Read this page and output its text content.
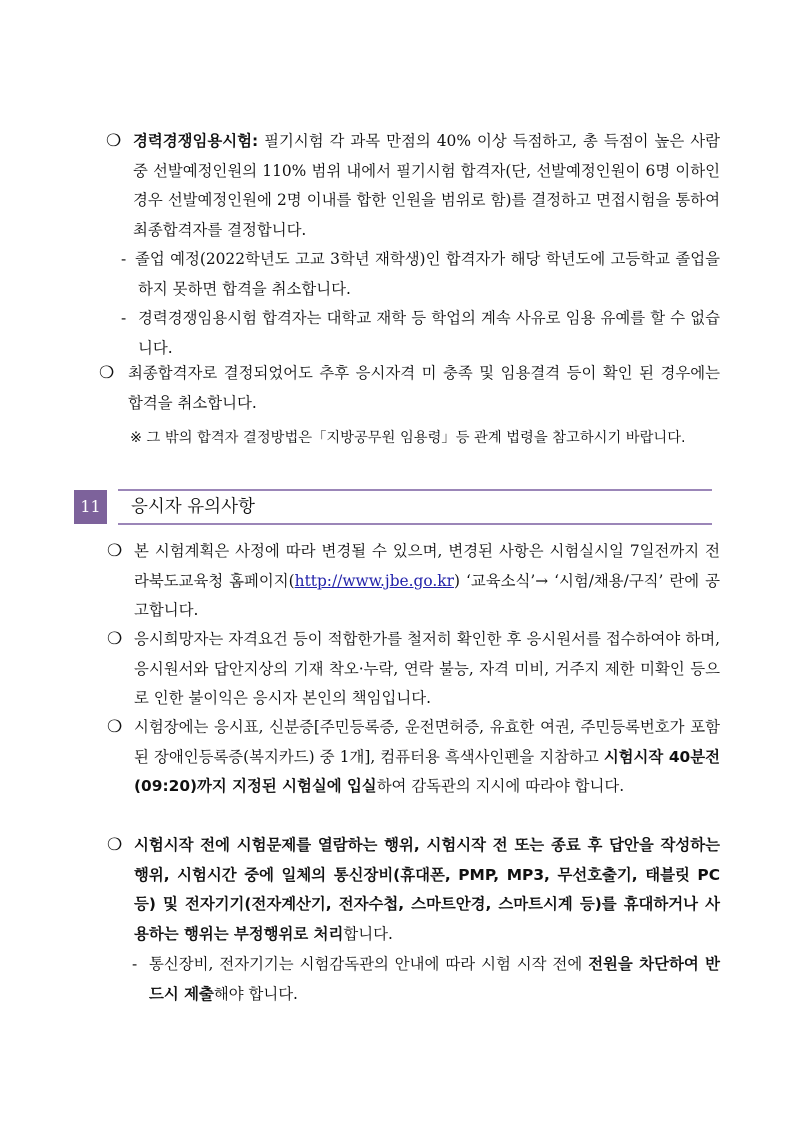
❍ 경력경쟁임용시험: 필기시험 각 과목 만점의 40% 이상 득점하고, 총 득점이 높은 사람 중 선발예정인원의 110% 범위 내에서 필기시험 합격자(단, 선발예정인원이 6명 이하인 경우 선발예정인원에 2명 이내를 합한 인원을 범위로 함)를 결정하고 면접시험을 통하여 최종합격자를 결정합니다.
- 졸업 예정(2022학년도 고교 3학년 재학생)인 합격자가 해당 학년도에 고등학교 졸업을 하지 못하면 합격을 취소합니다.
- 경력경쟁임용시험 합격자는 대학교 재학 등 학업의 계속 사유로 임용 유예를 할 수 없습니다.
❍ 최종합격자로 결정되었어도 추후 응시자격 미 충족 및 임용결격 등이 확인 된 경우에는 합격을 취소합니다.
※ 그 밖의 합격자 결정방법은「지방공무원 임용령」등 관계 법령을 참고하시기 바랍니다.
11	응시자 유의사항
❍ 본 시험계획은 사정에 따라 변경될 수 있으며, 변경된 사항은 시험실시일 7일전까지 전라북도교육청 홈페이지(http://www.jbe.go.kr) ‘교육소식’→ ‘시험/채용/구직’ 란에 공고합니다.
❍ 응시희망자는 자격요건 등이 적합한가를 철저히 확인한 후 응시원서를 접수하여야 하며, 응시원서와 답안지상의 기재 착오·누락, 연락 불능, 자격 미비, 거주지 제한 미확인 등으로 인한 불이익은 응시자 본인의 책임입니다.
❍ 시험장에는 응시표, 신분증[주민등록증, 운전면허증, 유효한 여권, 주민등록번호가 포함된 장애인등록증(복지카드) 중 1개], 컴퓨터용 흑색사인펜을 지참하고 시험시작 40분전(09:20)까지 지정된 시험실에 입실하여 감독관의 지시에 따라야 합니다.
❍ 시험시작 전에 시험문제를 열람하는 행위, 시험시작 전 또는 종료 후 답안을 작성하는 행위, 시험시간 중에 일체의 통신장비(휴대폰, PMP, MP3, 무선호출기, 태블릿 PC 등) 및 전자기기(전자계산기, 전자수첩, 스마트안경, 스마트시계 등)를 휴대하거나 사용하는 행위는 부정행위로 처리합니다.
- 통신장비, 전자기기는 시험감독관의 안내에 따라 시험 시작 전에 전원을 차단하여 반드시 제출해야 합니다.
